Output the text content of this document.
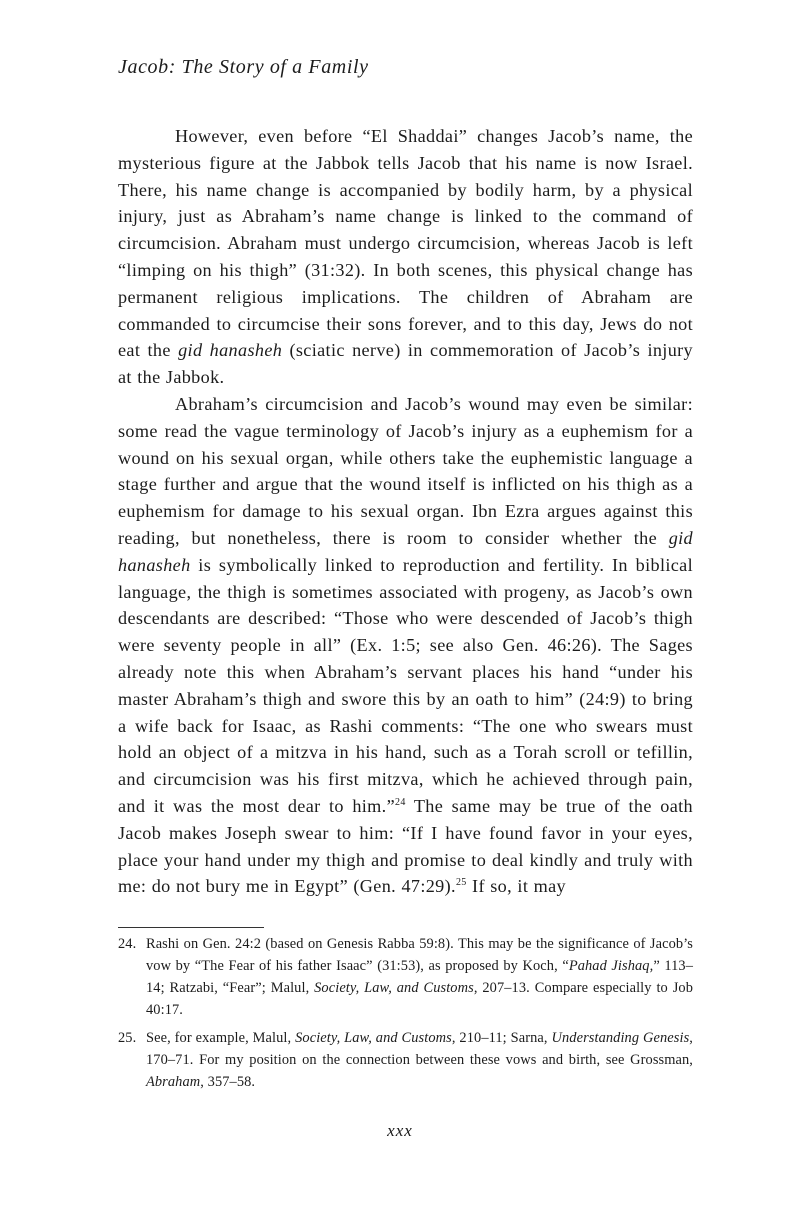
Jacob: The Story of a Family

However, even before “El Shaddai” changes Jacob’s name, the mysterious figure at the Jabbok tells Jacob that his name is now Israel. There, his name change is accompanied by bodily harm, by a physical injury, just as Abraham’s name change is linked to the command of circumcision. Abraham must undergo circumcision, whereas Jacob is left “limping on his thigh” (31:32). In both scenes, this physical change has permanent religious implications. The children of Abraham are commanded to circumcise their sons forever, and to this day, Jews do not eat the gid hanasheh (sciatic nerve) in commemoration of Jacob’s injury at the Jabbok.

Abraham’s circumcision and Jacob’s wound may even be similar: some read the vague terminology of Jacob’s injury as a euphemism for a wound on his sexual organ, while others take the euphemistic language a stage further and argue that the wound itself is inflicted on his thigh as a euphemism for damage to his sexual organ. Ibn Ezra argues against this reading, but nonetheless, there is room to consider whether the gid hanasheh is symbolically linked to reproduction and fertility. In biblical language, the thigh is sometimes associated with progeny, as Jacob’s own descendants are described: “Those who were descended of Jacob’s thigh were seventy people in all” (Ex. 1:5; see also Gen. 46:26). The Sages already note this when Abraham’s servant places his hand “under his master Abraham’s thigh and swore this by an oath to him” (24:9) to bring a wife back for Isaac, as Rashi comments: “The one who swears must hold an object of a mitzva in his hand, such as a Torah scroll or tefillin, and circumcision was his first mitzva, which he achieved through pain, and it was the most dear to him.”$^{24}$ The same may be true of the oath Jacob makes Joseph swear to him: “If I have found favor in your eyes, place your hand under my thigh and promise to deal kindly and truly with me: do not bury me in Egypt” (Gen. 47:29).$^{25}$ If so, it may

24. Rashi on Gen. 24:2 (based on Genesis Rabba 59:8). This may be the significance of Jacob’s vow by “The Fear of his father Isaac” (31:53), as proposed by Koch, “Pahad Jishaq,” 113–14; Ratzabi, “Fear”; Malul, Society, Law, and Customs, 207–13. Compare especially to Job 40:17.
25. See, for example, Malul, Society, Law, and Customs, 210–11; Sarna, Understanding Genesis, 170–71. For my position on the connection between these vows and birth, see Grossman, Abraham, 357–58.
xxx
